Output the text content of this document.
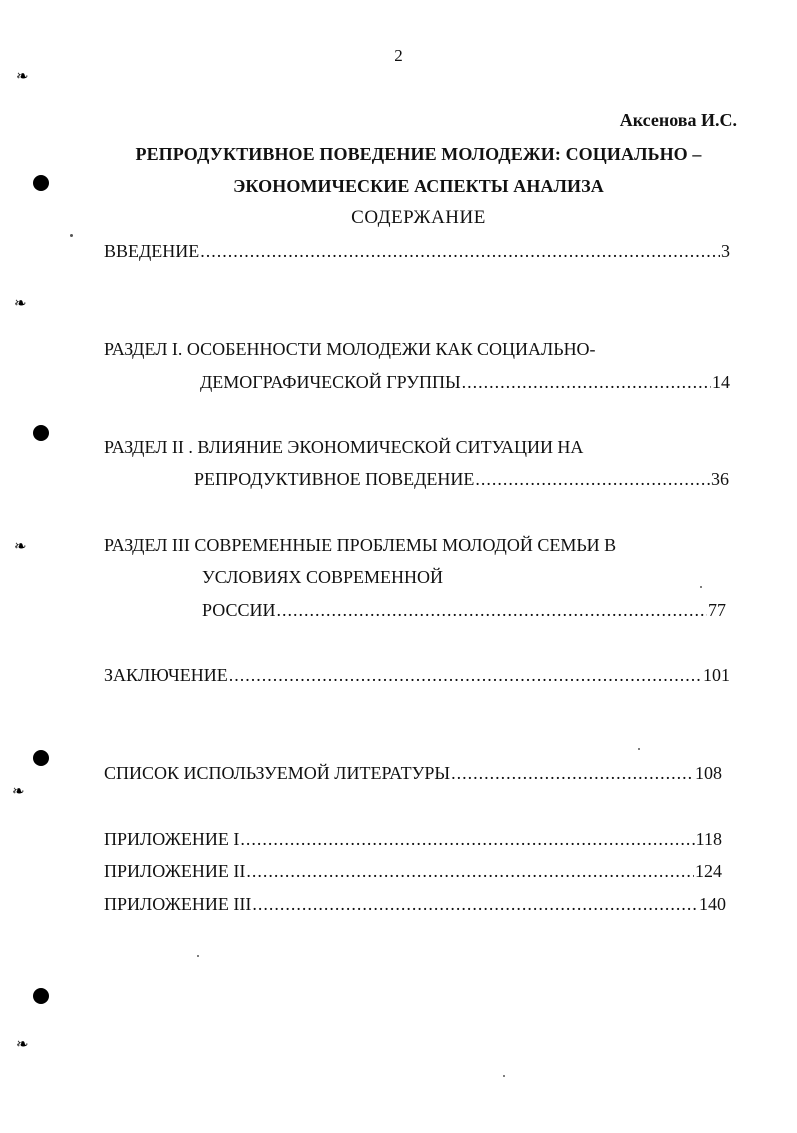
❧
❧
❧
❧
❧
2
Аксенова И.С.
РЕПРОДУКТИВНОЕ ПОВЕДЕНИЕ МОЛОДЕЖИ: СОЦИАЛЬНО –
ЭКОНОМИЧЕСКИЕ АСПЕКТЫ АНАЛИЗА
СОДЕРЖАНИЕ
ВВЕДЕНИЕ .....	3
РАЗДЕЛ I. ОСОБЕННОСТИ МОЛОДЕЖИ КАК СОЦИАЛЬНО-
ДЕМОГРАФИЧЕСКОЙ ГРУППЫ .....	14
РАЗДЕЛ II . ВЛИЯНИЕ ЭКОНОМИЧЕСКОЙ СИТУАЦИИ НА
РЕПРОДУКТИВНОЕ ПОВЕДЕНИЕ .....	36
РАЗДЕЛ III СОВРЕМЕННЫЕ ПРОБЛЕМЫ МОЛОДОЙ СЕМЬИ В
УСЛОВИЯХ СОВРЕМЕННОЙ
РОССИИ .....	77
ЗАКЛЮЧЕНИЕ .....	101
СПИСОК ИСПОЛЬЗУЕМОЙ ЛИТЕРАТУРЫ .....	108
ПРИЛОЖЕНИЕ I .....	118
ПРИЛОЖЕНИЕ II .....	124
ПРИЛОЖЕНИЕ III .....	140
